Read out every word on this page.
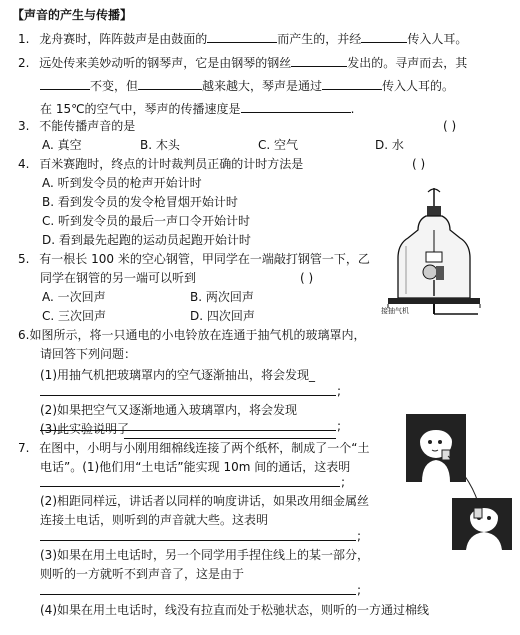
【声音的产生与传播】
1. 龙舟赛时，阵阵鼓声是由鼓面的	而产生的，并经	传入人耳。
2. 远处传来美妙动听的钢琴声，它是由钢琴的钢丝	发出的。寻声而去，其
不变，但	越来越大，琴声是通过	传入人耳的。
在 15℃的空气中，琴声的传播速度是	.
3. 不能传播声音的是	( )
A. 真空	B. 木头	C. 空气	D. 水
4. 百米赛跑时，终点的计时裁判员正确的计时方法是	( )
A. 听到发令员的枪声开始计时
B. 看到发令员的发令枪冒烟开始计时
C. 听到发令员的最后一声口令开始计时
D. 看到最先起跑的运动员起跑开始计时
5. 有一根长 100 米的空心钢管，甲同学在一端敲打钢管一下，乙
同学在钢管的另一端可以听到	( )
A. 一次回声	B. 两次回声
C. 三次回声	D. 四次回声	接抽气机
6.如图所示，将一只通电的小电铃放在连通于抽气机的玻璃罩内，
请回答下列问题：
(1)用抽气机把玻璃罩内的空气逐渐抽出，将会发现_
;
(2)如果把空气又逐渐地通入玻璃罩内，将会发现
;
(3)此实验说明了
7. 在图中，小明与小刚用细棉线连接了两个纸杯，制成了一个“土
电话”。(1)他们用“土电话”能实现 10m 间的通话，这表明
;
(2)相距同样远，讲话者以同样的响度讲话，如果改用细金属丝
连接土电话，则听到的声音就大些。这表明
;
(3)如果在用土电话时，另一个同学用手捏住线上的某一部分，
则听的一方就听不到声音了，这是由于
;
(4)如果在用土电话时，线没有拉直而处于松驰状态，则听的一方通过棉线
